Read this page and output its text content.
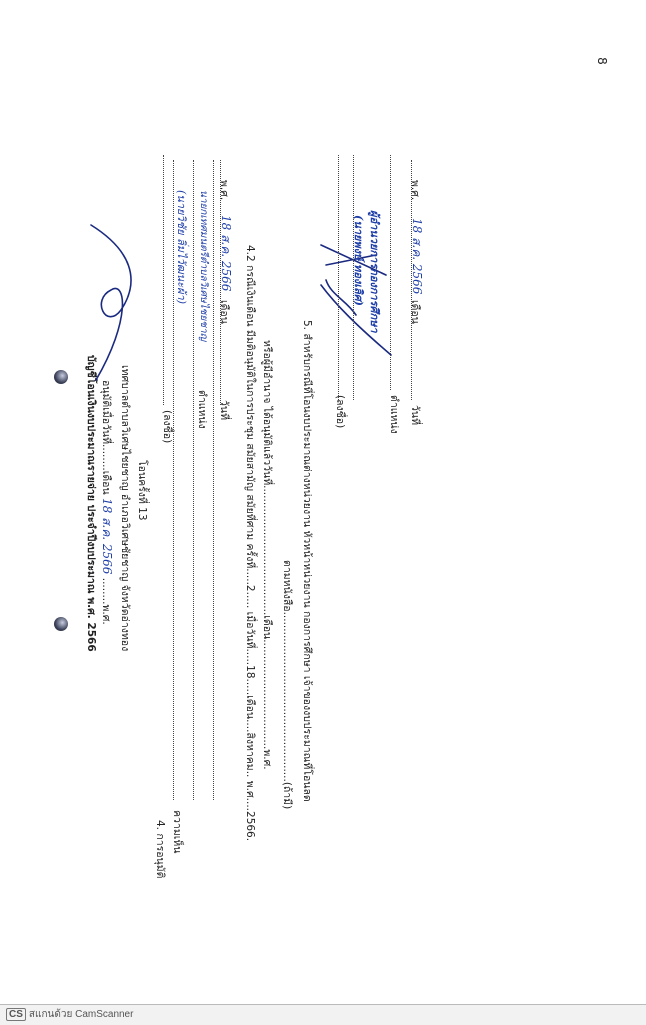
8
บัญชีโอนเงินงบประมาณรายจ่าย ประจำปีงบประมาณ พ.ศ. 2566 อนุมัติเมื่อวันที่........เดือน 18 ส.ค. 2566 ........พ.ศ. เทศบาลตำบลวิเศษไชยชาญ อำเภอวิเศษชัยชาญ จังหวัดอ่างทอง โอนครั้งที่ 13
4. การอนุมัติ ความเห็น
(ลงชื่อ)
(นายวิชัย ลิ่มไวัฒนะผ้า)
ตำแหน่ง
นายกเทศมนตรีตำบลวิเศษไชยชาญ
วันที่
เดือน
18 ส.ค. 2566
พ.ศ.
4.2 กรณีเงินเดือน มีมติอนุมัติในการประชุม สมัยสามัญ สมัยที่ศาม ครั้งที่.....2..... เมื่อวันที่.....18.....เดือน....สิงหาคม.. พ.ศ....2566. หรือผู้มีอำนาจ ได้อนุมัติแล้ววันที่.......................................เดือน.................................พ.ศ.
ตามหนังสือ...................................................(ถ้ามี) 5. สำหรับกรณีที่โอนงบประมาณต่างหน่วยงาน หัวหน้าหน่วยงาน กองการศึกษา เจ้าของงบประมาณที่โอนลด (ลงชื่อ)
(นายพงษ์ ทองเลิศ) ผู้อำนวยการกองการศึกษา
ตำแหน่ง วันที่
เดือน
18 ส.ค. 2566
พ.ศ.
CS สแกนด้วย CamScanner
